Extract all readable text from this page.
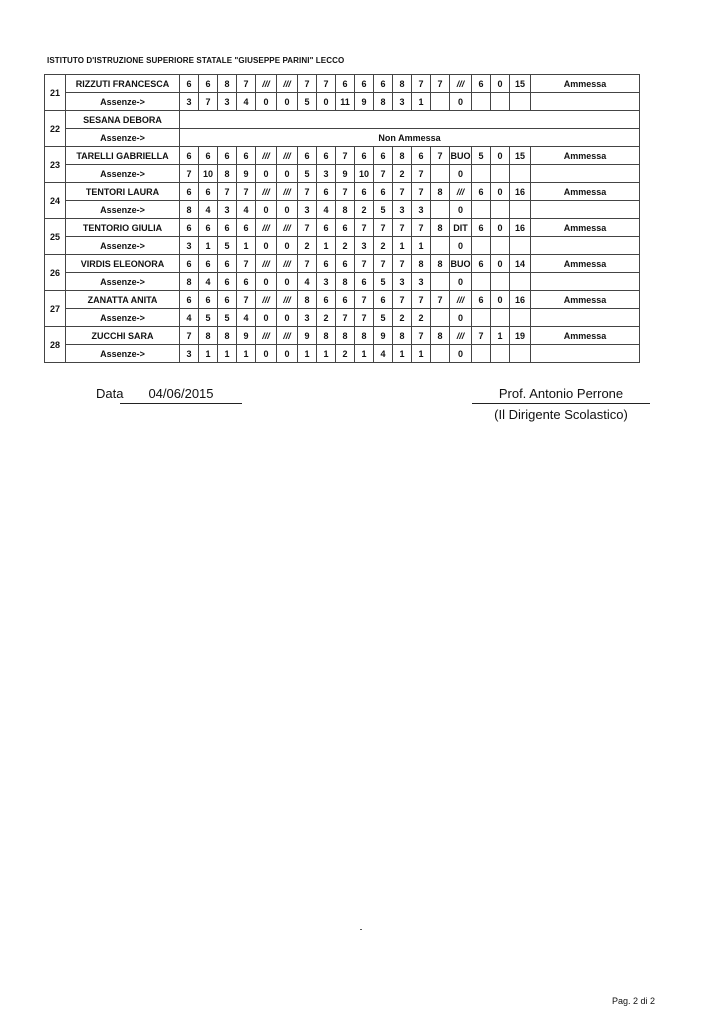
ISTITUTO D'ISTRUZIONE SUPERIORE STATALE "GIUSEPPE PARINI" LECCO
21	RIZZUTI FRANCESCA	6	6	8	7	///	///	7	7	6	6	6	8	7	7	///	6	0	15	Ammessa
	Assenze->	3	7	3	4	0	0	5	0	11	9	8	3	1		0				
22	SESANA DEBORA																			
	Assenze->	Non Ammessa																		
23	TARELLI GABRIELLA	6	6	6	6	///	///	6	6	7	6	6	8	6	7	BUO	5	0	15	Ammessa
	Assenze->	7	10	8	9	0	0	5	3	9	10	7	2	7		0				
24	TENTORI LAURA	6	6	7	7	///	///	7	6	7	6	6	7	7	8	///	6	0	16	Ammessa
	Assenze->	8	4	3	4	0	0	3	4	8	2	5	3	3		0				
25	TENTORIO GIULIA	6	6	6	6	///	///	7	6	6	7	7	7	7	8	DIT	6	0	16	Ammessa
	Assenze->	3	1	5	1	0	0	2	1	2	3	2	1	1		0				
26	VIRDIS ELEONORA	6	6	6	7	///	///	7	6	6	7	7	7	8	8	BUO	6	0	14	Ammessa
	Assenze->	8	4	6	6	0	0	4	3	8	6	5	3	3		0				
27	ZANATTA ANITA	6	6	6	7	///	///	8	6	6	7	6	7	7	7	///	6	0	16	Ammessa
	Assenze->	4	5	5	4	0	0	3	2	7	7	5	2	2		0				
28	ZUCCHI SARA	7	8	8	9	///	///	9	8	8	8	9	8	7	8	///	7	1	19	Ammessa
	Assenze->	3	1	1	1	0	0	1	1	2	1	4	1	1		0				
Data	04/06/2015	Prof. Antonio Perrone
(Il Dirigente Scolastico)
Pag. 2 di 2
